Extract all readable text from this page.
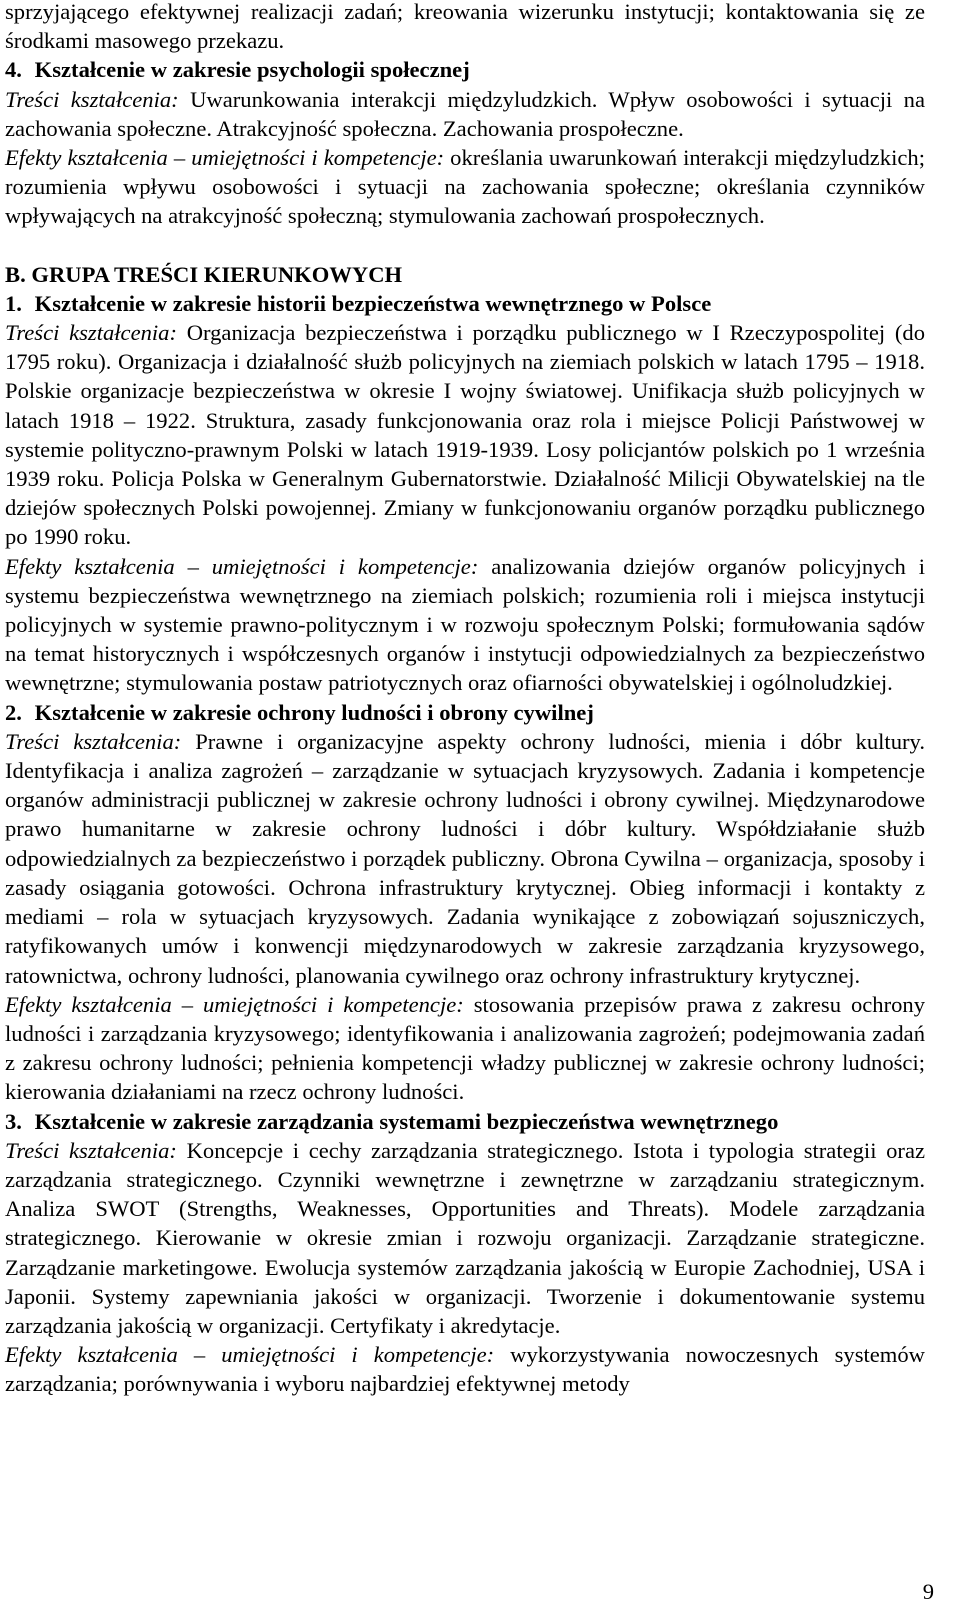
sprzyjającego efektywnej realizacji zadań; kreowania wizerunku instytucji; kontaktowania się ze środkami masowego przekazu.

4. Kształcenie w zakresie psychologii społecznej

Treści kształcenia: Uwarunkowania interakcji międzyludzkich. Wpływ osobowości i sytuacji na zachowania społeczne. Atrakcyjność społeczna. Zachowania prospołeczne.

Efekty kształcenia – umiejętności i kompetencje: określania uwarunkowań interakcji międzyludzkich; rozumienia wpływu osobowości i sytuacji na zachowania społeczne; określania czynników wpływających na atrakcyjność społeczną; stymulowania zachowań prospołecznych.

B. GRUPA TREŚCI KIERUNKOWYCH
1. Kształcenie w zakresie historii bezpieczeństwa wewnętrznego w Polsce

Treści kształcenia: Organizacja bezpieczeństwa i porządku publicznego w I Rzeczypospolitej (do 1795 roku). Organizacja i działalność służb policyjnych na ziemiach polskich w latach 1795 – 1918. Polskie organizacje bezpieczeństwa w okresie I wojny światowej. Unifikacja służb policyjnych w latach 1918 – 1922. Struktura, zasady funkcjonowania oraz rola i miejsce Policji Państwowej w systemie polityczno-prawnym Polski w latach 1919-1939. Losy policjantów polskich po 1 września 1939 roku. Policja Polska w Generalnym Gubernatorstwie. Działalność Milicji Obywatelskiej na tle dziejów społecznych Polski powojennej. Zmiany w funkcjonowaniu organów porządku publicznego po 1990 roku.

Efekty kształcenia – umiejętności i kompetencje: analizowania dziejów organów policyjnych i systemu bezpieczeństwa wewnętrznego na ziemiach polskich; rozumienia roli i miejsca instytucji policyjnych w systemie prawno-politycznym i w rozwoju społecznym Polski; formułowania sądów na temat historycznych i współczesnych organów i instytucji odpowiedzialnych za bezpieczeństwo wewnętrzne; stymulowania postaw patriotycznych oraz ofiarności obywatelskiej i ogólnoludzkiej.

2. Kształcenie w zakresie ochrony ludności i obrony cywilnej

Treści kształcenia: Prawne i organizacyjne aspekty ochrony ludności, mienia i dóbr kultury. Identyfikacja i analiza zagrożeń – zarządzanie w sytuacjach kryzysowych. Zadania i kompetencje organów administracji publicznej w zakresie ochrony ludności i obrony cywilnej. Międzynarodowe prawo humanitarne w zakresie ochrony ludności i dóbr kultury. Współdziałanie służb odpowiedzialnych za bezpieczeństwo i porządek publiczny. Obrona Cywilna – organizacja, sposoby i zasady osiągania gotowości. Ochrona infrastruktury krytycznej. Obieg informacji i kontakty z mediami – rola w sytuacjach kryzysowych. Zadania wynikające z zobowiązań sojuszniczych, ratyfikowanych umów i konwencji międzynarodowych w zakresie zarządzania kryzysowego, ratownictwa, ochrony ludności, planowania cywilnego oraz ochrony infrastruktury krytycznej.

Efekty kształcenia – umiejętności i kompetencje: stosowania przepisów prawa z zakresu ochrony ludności i zarządzania kryzysowego; identyfikowania i analizowania zagrożeń; podejmowania zadań z zakresu ochrony ludności; pełnienia kompetencji władzy publicznej w zakresie ochrony ludności; kierowania działaniami na rzecz ochrony ludności.

3. Kształcenie w zakresie zarządzania systemami bezpieczeństwa wewnętrznego

Treści kształcenia: Koncepcje i cechy zarządzania strategicznego. Istota i typologia strategii oraz zarządzania strategicznego. Czynniki wewnętrzne i zewnętrzne w zarządzaniu strategicznym. Analiza SWOT (Strengths, Weaknesses, Opportunities and Threats). Modele zarządzania strategicznego. Kierowanie w okresie zmian i rozwoju organizacji. Zarządzanie strategiczne. Zarządzanie marketingowe. Ewolucja systemów zarządzania jakością w Europie Zachodniej, USA i Japonii. Systemy zapewniania jakości w organizacji. Tworzenie i dokumentowanie systemu zarządzania jakością w organizacji. Certyfikaty i akredytacje.

Efekty kształcenia – umiejętności i kompetencje: wykorzystywania nowoczesnych systemów zarządzania; porównywania i wyboru najbardziej efektywnej metody

9
